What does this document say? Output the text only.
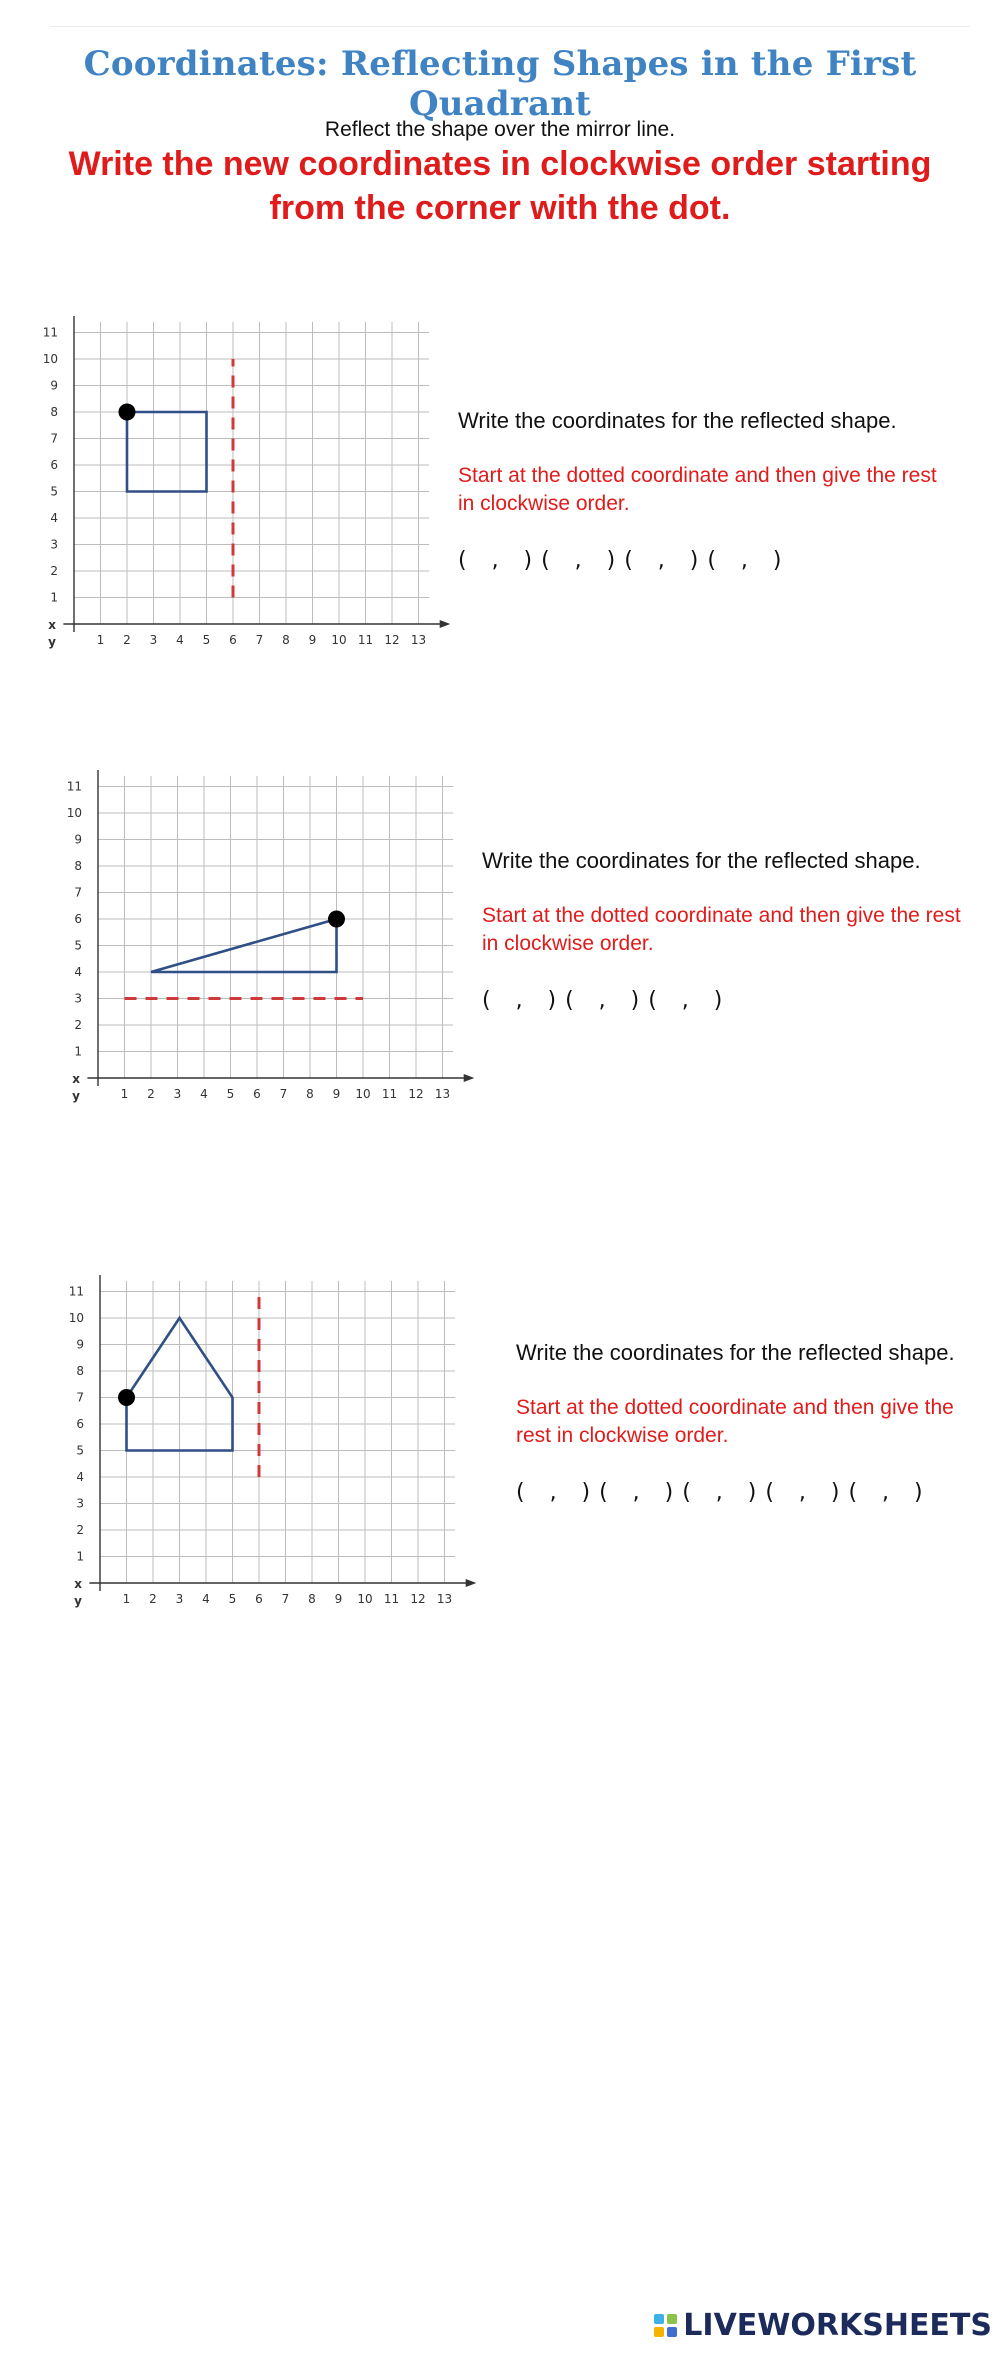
Coordinates: Reflecting Shapes in the First Quadrant
Reflect the shape over the mirror line.
Write the new coordinates in clockwise order starting from the corner with the dot.
1 2 3 4 5 6 7 8 9 10 11 12 13
1
2
3
4
5
6
7
8
9
10
11
x
y
Write the coordinates for the reflected shape.
Start at the dotted coordinate and then give the rest in clockwise order.
(   ,   ) (   ,   ) (   ,   ) (   ,   )
1 2 3 4 5 6 7 8 9 10 11 12 13
1
2
3
4
5
6
7
8
9
10
11
x
y
Write the coordinates for the reflected shape.
Start at the dotted coordinate and then give the rest in clockwise order.
(   ,   ) (   ,   ) (   ,   )
1 2 3 4 5 6 7 8 9 10 11 12 13
1
2
3
4
5
6
7
8
9
10
11
x
y
Write the coordinates for the reflected shape.
Start at the dotted coordinate and then give the rest in clockwise order.
(   ,   ) (   ,   ) (   ,   ) (   ,   ) (   ,   )
LIVEWORKSHEETS
